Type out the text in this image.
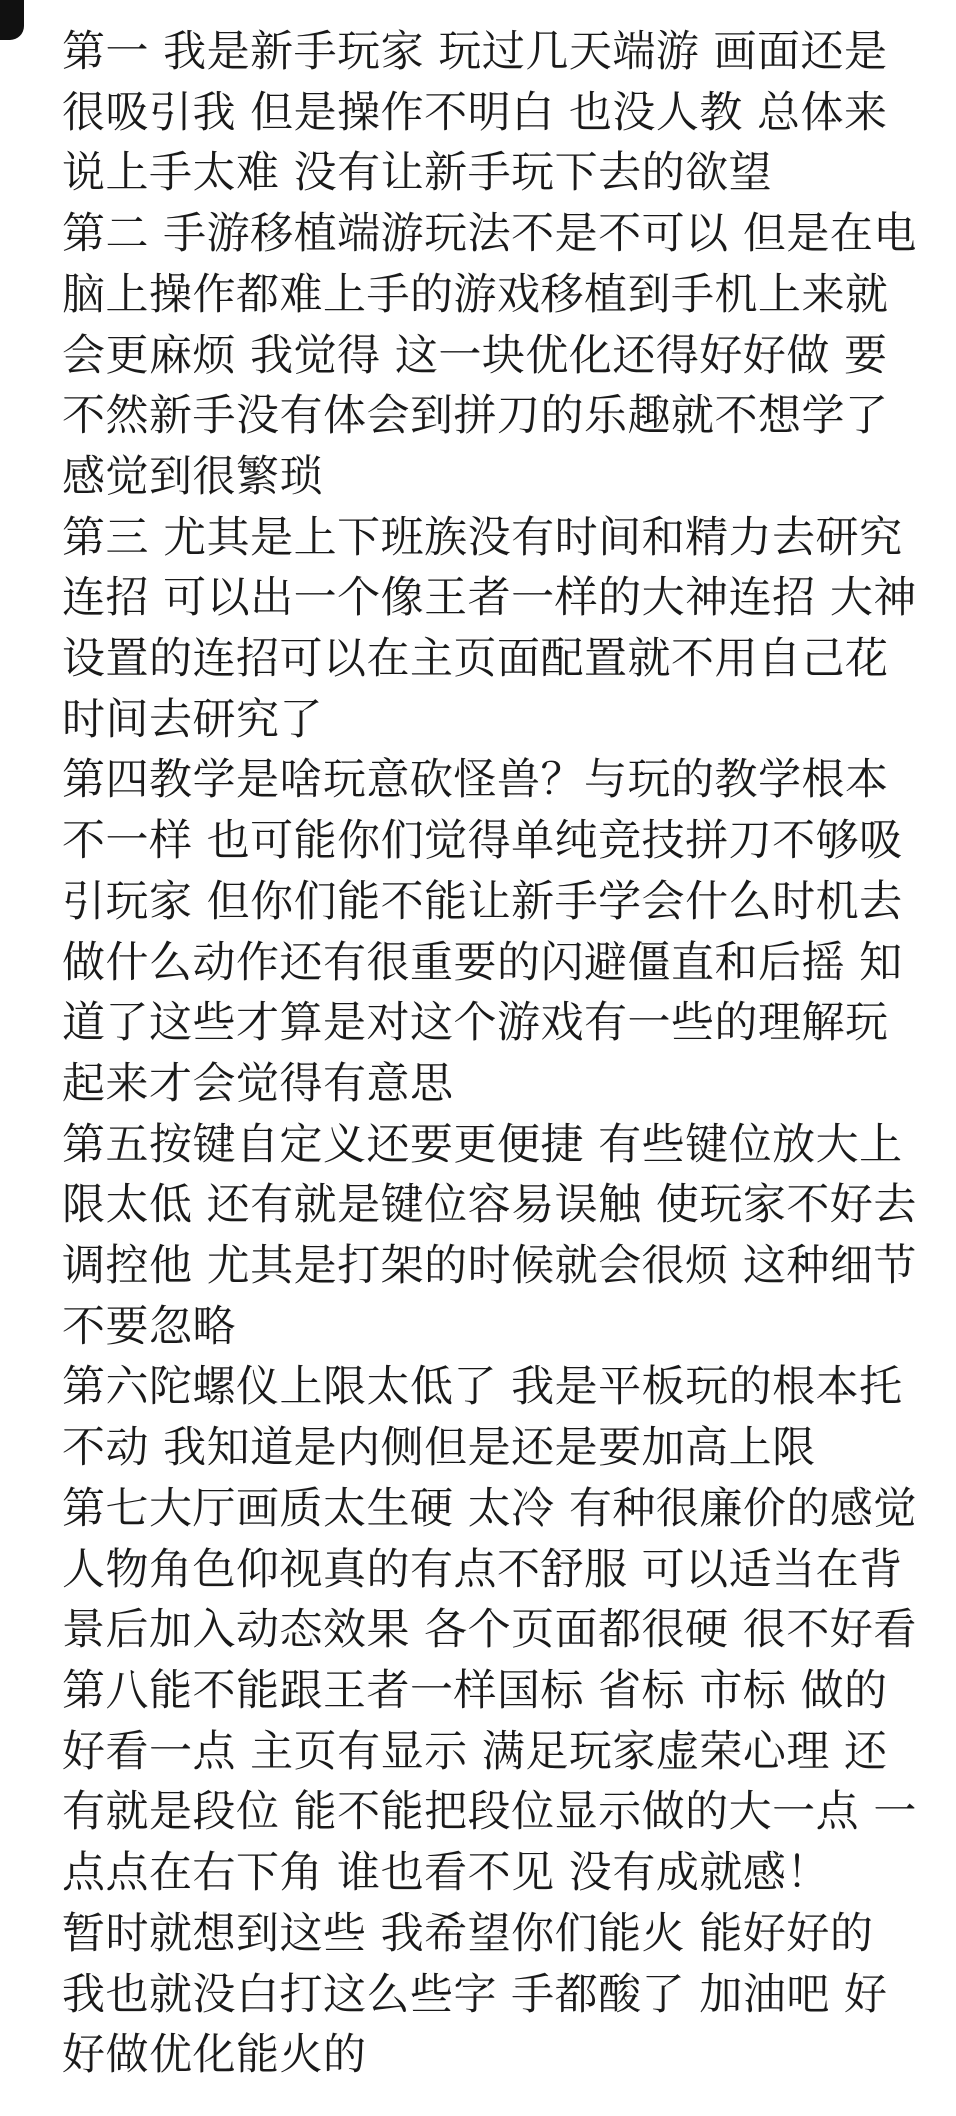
第一 我是新手玩家 玩过几天端游 画面还是很吸引我 但是操作不明白 也没人教 总体来说上手太难 没有让新手玩下去的欲望

第二 手游移植端游玩法不是不可以 但是在电脑上操作都难上手的游戏移植到手机上来就会更麻烦 我觉得 这一块优化还得好好做 要不然新手没有体会到拼刀的乐趣就不想学了 感觉到很繁琐

第三 尤其是上下班族没有时间和精力去研究连招 可以出一个像王者一样的大神连招 大神设置的连招可以在主页面配置就不用自己花时间去研究了

第四教学是啥玩意砍怪兽？与玩的教学根本不一样 也可能你们觉得单纯竞技拼刀不够吸引玩家 但你们能不能让新手学会什么时机去做什么动作还有很重要的闪避僵直和后摇 知道了这些才算是对这个游戏有一些的理解玩起来才会觉得有意思

第五按键自定义还要更便捷 有些键位放大上限太低 还有就是键位容易误触 使玩家不好去调控他 尤其是打架的时候就会很烦 这种细节不要忽略

第六陀螺仪上限太低了 我是平板玩的根本托不动 我知道是内侧但是还是要加高上限

第七大厅画质太生硬 太冷 有种很廉价的感觉 人物角色仰视真的有点不舒服 可以适当在背景后加入动态效果 各个页面都很硬 很不好看

第八能不能跟王者一样国标 省标 市标 做的好看一点 主页有显示 满足玩家虚荣心理 还有就是段位 能不能把段位显示做的大一点 一点点在右下角 谁也看不见 没有成就感！

暂时就想到这些 我希望你们能火 能好好的 我也就没白打这么些字 手都酸了 加油吧 好好做优化能火的
